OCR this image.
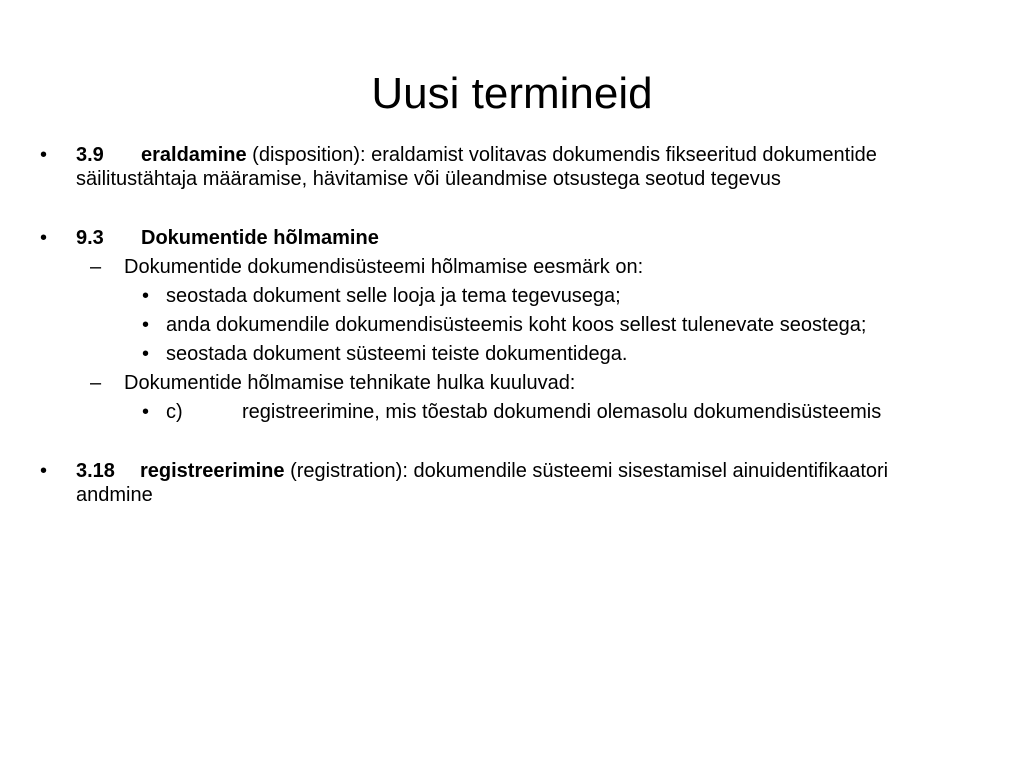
Uusi termineid
• 3.9 eraldamine (disposition): eraldamist volitavas dokumendis fikseeritud dokumentide säilitustähtaja määramise, hävitamise või üleandmise otsustega seotud tegevus
• 9.3 Dokumentide hõlmamine
– Dokumentide dokumendisüsteemi hõlmamise eesmärk on:
• seostada dokument selle looja ja tema tegevusega;
• anda dokumendile dokumendisüsteemis koht koos sellest tulenevate seostega;
• seostada dokument süsteemi teiste dokumentidega.
– Dokumentide hõlmamise tehnikate hulka kuuluvad:
• c)	registreerimine, mis tõestab dokumendi olemasolu dokumendisüsteemis
• 3.18 registreerimine (registration): dokumendile süsteemi sisestamisel ainuidentifikaatori andmine
